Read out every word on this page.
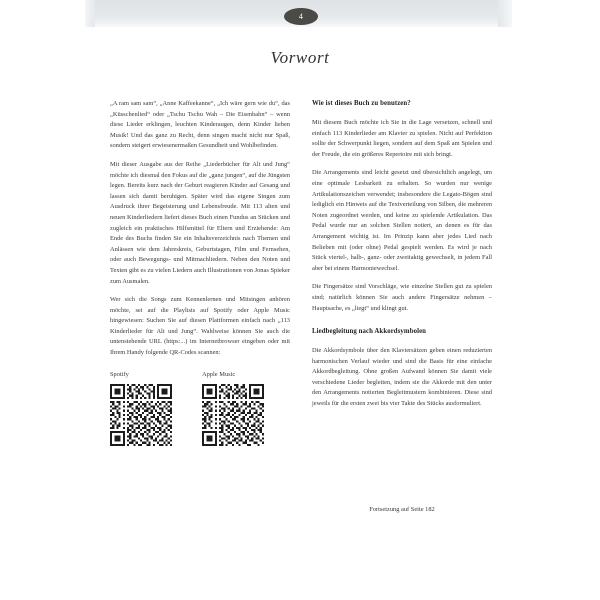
4
Vorwort

„A ram sam sam“, „Anne Kaffeekanne“, „Ich wäre gern wie du“, das „Küsschenlied“ oder „Tschu Tschu Wah – Die Eisenbahn“ – wenn diese Lieder erklingen, leuchten Kinderaugen, denn Kinder lieben Musik! Und das ganz zu Recht, denn singen macht nicht nur Spaß, sondern steigert erwiesenermaßen Gesundheit und Wohlbefinden.

Mit dieser Ausgabe aus der Reihe „Liederbücher für Alt und Jung“ möchte ich diesmal den Fokus auf die „ganz jungen“, auf die Jüngsten legen. Bereits kurz nach der Geburt reagieren Kinder auf Gesang und lassen sich damit beruhigen. Später wird das eigene Singen zum Ausdruck ihrer Begeisterung und Lebensfreude. Mit 113 alten und neuen Kinderliedern liefert dieses Buch einen Fundus an Stücken und zugleich ein praktisches Hilfsmittel für Eltern und Erziehende: Am Ende des Buchs finden Sie ein Inhaltsverzeichnis nach Themen und Anlässen wie dem Jahreskreis, Geburtstagen, Film und Fernsehen, oder auch Bewegungs- und Mitmachliedern. Neben den Noten und Texten gibt es zu vielen Liedern auch Illustrationen von Jonas Spieker zum Ausmalen.

Wer sich die Songs zum Kennenlernen und Mitsingen anhören möchte, sei auf die Playlists auf Spotify oder Apple Music hingewiesen: Suchen Sie auf diesen Plattformen einfach nach „113 Kinderlieder für Alt und Jung“. Wahlweise können Sie auch die untenstehende URL (https:...) im Internetbrowser eingeben oder mit Ihrem Handy folgende QR-Codes scannen:

Spotify	Apple Music
Wie ist dieses Buch zu benutzen?

Mit diesem Buch möchte ich Sie in die Lage versetzen, schnell und einfach 113 Kinderlieder am Klavier zu spielen. Nicht auf Perfektion sollte der Schwerpunkt liegen, sondern auf dem Spaß am Spielen und der Freude, die ein größeres Repertoire mit sich bringt.

Die Arrangements sind leicht gesetzt und übersichtlich angelegt, um eine optimale Lesbarkeit zu erhalten. So wurden nur wenige Artikulationszeichen verwendet; insbesondere die Legato-Bögen sind lediglich ein Hinweis auf die Textverteilung von Silben, die mehreren Noten zugeordnet werden, und keine zu spielende Artikulation. Das Pedal wurde nur an solchen Stellen notiert, an denen es für das Arrangement wichtig ist. Im Prinzip kann aber jedes Lied nach Belieben mit (oder ohne) Pedal gespielt werden. Es wird je nach Stück viertel-, halb-, ganz- oder zweitaktig gewechselt, in jedem Fall aber bei einem Harmoniewechsel.

Die Fingersätze sind Vorschläge, wie einzelne Stellen gut zu spielen sind; natürlich können Sie auch andere Fingersätze nehmen – Hauptsache, es „liegt“ und klingt gut.

Liedbegleitung nach Akkordsymbolen

Die Akkordsymbole über den Klaviersätzen geben einen reduzierten harmonischen Verlauf wieder und sind die Basis für eine einfache Akkordbegleitung. Ohne großen Aufwand können Sie damit viele verschiedene Lieder begleiten, indem sie die Akkorde mit den unter den Arrangements notierten Begleitmustern kombinieren. Diese sind jeweils für die ersten zwei bis vier Takte des Stücks ausformuliert.

Fortsetzung auf Seite 182
